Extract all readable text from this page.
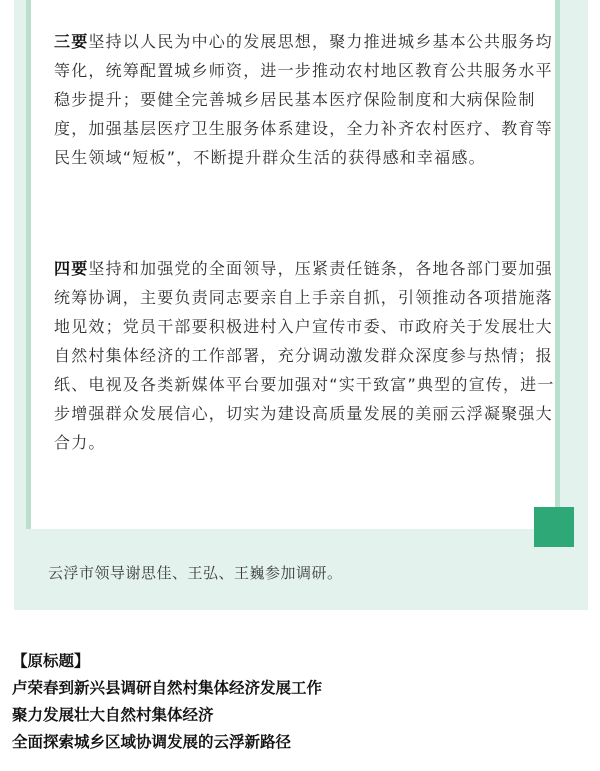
三要坚持以人民为中心的发展思想，聚力推进城乡基本公共服务均等化，统筹配置城乡师资，进一步推动农村地区教育公共服务水平稳步提升；要健全完善城乡居民基本医疗保险制度和大病保险制度，加强基层医疗卫生服务体系建设，全力补齐农村医疗、教育等民生领域“短板”，不断提升群众生活的获得感和幸福感。

四要坚持和加强党的全面领导，压紧责任链条，各地各部门要加强统筹协调，主要负责同志要亲自上手亲自抓，引领推动各项措施落地见效；党员干部要积极进村入户宣传市委、市政府关于发展壮大自然村集体经济的工作部署，充分调动激发群众深度参与热情；报纸、电视及各类新媒体平台要加强对“实干致富”典型的宣传，进一步增强群众发展信心，切实为建设高质量发展的美丽云浮凝聚强大合力。

云浮市领导谢思佳、王弘、王巍参加调研。
【原标题】
卢荣春到新兴县调研自然村集体经济发展工作
聚力发展壮大自然村集体经济
全面探索城乡区域协调发展的云浮新路径
